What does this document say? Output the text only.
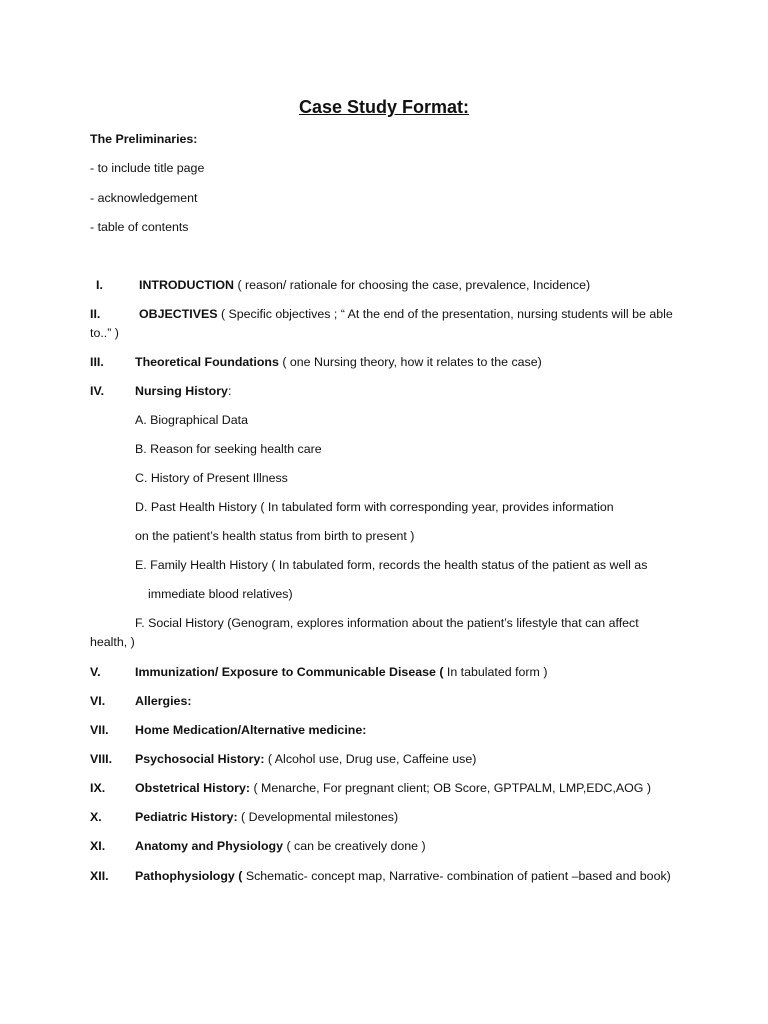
Case Study Format:
The Preliminaries:
- to include title page
- acknowledgement
- table of contents
I.	INTRODUCTION ( reason/ rationale for choosing the case, prevalence, Incidence)
II.	OBJECTIVES ( Specific objectives ; “ At the end of the presentation, nursing students will be able
to..” )
III.	Theoretical Foundations ( one Nursing theory, how it relates to the case)
IV. Nursing History:
A. Biographical Data
B. Reason for seeking health care
C. History of Present Illness
D. Past Health History ( In tabulated form with corresponding year, provides information
on the patient’s health status from birth to present )
E. Family Health History ( In tabulated form, records the health status of the patient as well as
immediate blood relatives)
F. Social History (Genogram, explores information about the patient’s lifestyle that can affect
health, )
V.	Immunization/ Exposure to Communicable Disease ( In tabulated form )
VI. Allergies:
VII. Home Medication/Alternative medicine:
VIII. Psychosocial History: ( Alcohol use, Drug use, Caffeine use)
IX. Obstetrical History: ( Menarche, For pregnant client; OB Score, GPTPALM, LMP,EDC,AOG )
X.	Pediatric History: ( Developmental milestones)
XI. Anatomy and Physiology ( can be creatively done )
XII. Pathophysiology ( Schematic- concept map, Narrative- combination of patient –based and book)
